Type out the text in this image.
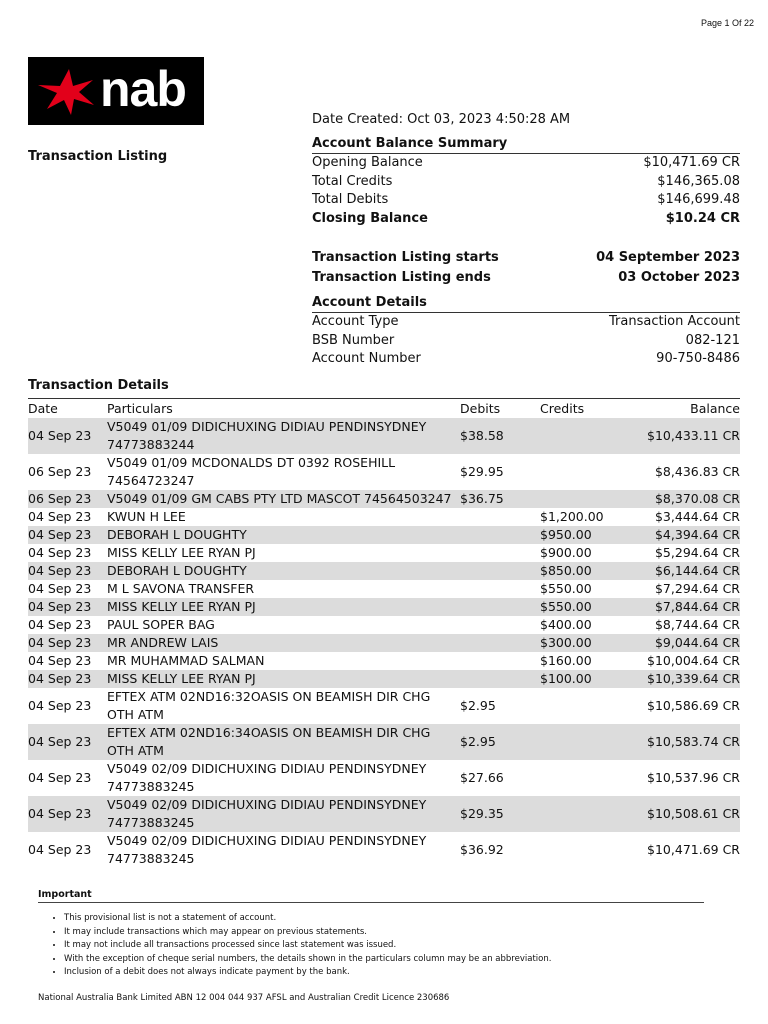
Page 1 Of 22
nab
Transaction Listing
Date Created: Oct 03, 2023 4:50:28 AM
Account Balance Summary
Opening Balance	$10,471.69 CR
Total Credits	$146,365.08
Total Debits	$146,699.48
Closing Balance	$10.24 CR
Transaction Listing starts	04 September 2023
Transaction Listing ends	03 October 2023
Account Details
Account Type	Transaction Account
BSB Number	082-121
Account Number	90-750-8486
Transaction Details
Date	Particulars	Debits	Credits	Balance
04 Sep 23	V5049 01/09 DIDICHUXING DIDIAU PENDINSYDNEY 74773883244	$38.58		$10,433.11 CR
06 Sep 23	V5049 01/09 MCDONALDS DT 0392 ROSEHILL 74564723247	$29.95		$8,436.83 CR
06 Sep 23	V5049 01/09 GM CABS PTY LTD MASCOT 74564503247	$36.75		$8,370.08 CR
04 Sep 23	KWUN H LEE		$1,200.00	$3,444.64 CR
04 Sep 23	DEBORAH L DOUGHTY		$950.00	$4,394.64 CR
04 Sep 23	MISS KELLY LEE RYAN PJ		$900.00	$5,294.64 CR
04 Sep 23	DEBORAH L DOUGHTY		$850.00	$6,144.64 CR
04 Sep 23	M L SAVONA TRANSFER		$550.00	$7,294.64 CR
04 Sep 23	MISS KELLY LEE RYAN PJ		$550.00	$7,844.64 CR
04 Sep 23	PAUL SOPER BAG		$400.00	$8,744.64 CR
04 Sep 23	MR ANDREW LAIS		$300.00	$9,044.64 CR
04 Sep 23	MR MUHAMMAD SALMAN		$160.00	$10,004.64 CR
04 Sep 23	MISS KELLY LEE RYAN PJ		$100.00	$10,339.64 CR
04 Sep 23	EFTEX ATM 02ND16:32OASIS ON BEAMISH DIR CHG OTH ATM	$2.95		$10,586.69 CR
04 Sep 23	EFTEX ATM 02ND16:34OASIS ON BEAMISH DIR CHG OTH ATM	$2.95		$10,583.74 CR
04 Sep 23	V5049 02/09 DIDICHUXING DIDIAU PENDINSYDNEY 74773883245	$27.66		$10,537.96 CR
04 Sep 23	V5049 02/09 DIDICHUXING DIDIAU PENDINSYDNEY 74773883245	$29.35		$10,508.61 CR
04 Sep 23	V5049 02/09 DIDICHUXING DIDIAU PENDINSYDNEY 74773883245	$36.92		$10,471.69 CR
Important
• This provisional list is not a statement of account.
• It may include transactions which may appear on previous statements.
• It may not include all transactions processed since last statement was issued.
• With the exception of cheque serial numbers, the details shown in the particulars column may be an abbreviation.
• Inclusion of a debit does not always indicate payment by the bank.
National Australia Bank Limited ABN 12 004 044 937 AFSL and Australian Credit Licence 230686
